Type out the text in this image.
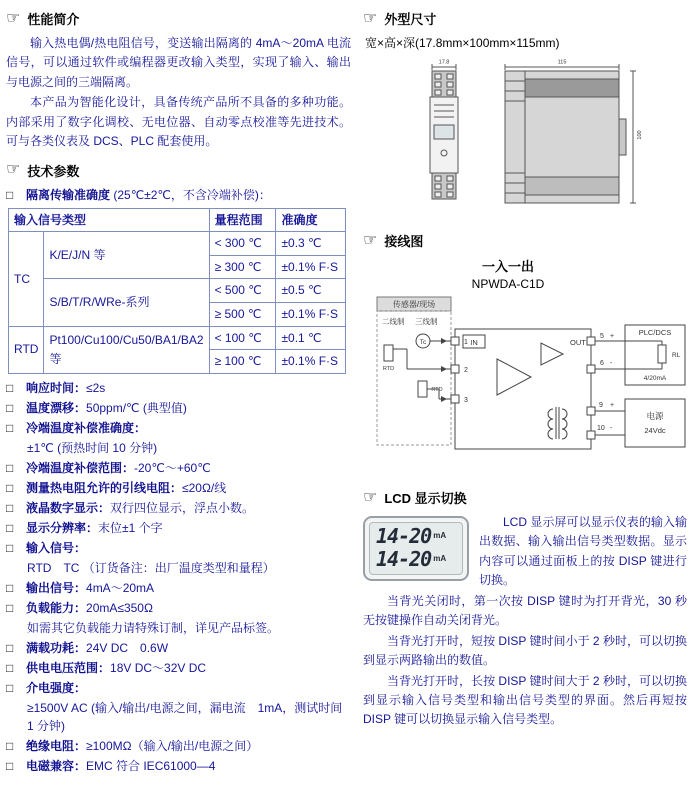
☞ 性能简介

输入热电偶/热电阻信号，变送输出隔离的 4mA～20mA 电流信号，可以通过软件或编程器更改输入类型，实现了输入、输出与电源之间的三端隔离。

本产品为智能化设计，具备传统产品所不具备的多种功能。内部采用了数字化调校、无电位器、自动零点校准等先进技术。可与各类仪表及 DCS、PLC 配套使用。

☞ 技术参数
□ 隔离传输准确度 (25℃±2℃，不含冷端补偿)：
输入信号类型		量程范围	准确度
TC	K/E/J/N 等	< 300 ℃	±0.3 ℃
		≥ 300 ℃	±0.1% F·S
	S/B/T/R/WRe-系列	< 500 ℃	±0.5 ℃
		≥ 500 ℃	±0.1% F·S
RTD	Pt100/Cu100/Cu50/BA1/BA2 等	< 100 ℃	±0.1 ℃
		≥ 100 ℃	±0.1% F·S
□ 响应时间：≤2s
□ 温度漂移：50ppm/℃ (典型值)
□ 冷端温度补偿准确度：
±1℃ (预热时间 10 分钟)
□ 冷端温度补偿范围：-20℃～+60℃
□ 测量热电阻允许的引线电阻：≤20Ω/线
□ 液晶数字显示：双行四位显示，浮点小数。
□ 显示分辨率：末位±1 个字
□ 输入信号：
RTD　TC （订货备注：出厂温度类型和量程）
□ 输出信号：4mA～20mA
□ 负载能力：20mA≤350Ω
如需其它负载能力请特殊订制，详见产品标签。
□ 满载功耗：24V DC　0.6W
□ 供电电压范围：18V DC～32V DC
□ 介电强度：
≥1500V AC (输入/输出/电源之间，漏电流　1mA，测试时间 1 分钟)
□ 绝缘电阻：≥100MΩ（输入/输出/电源之间）
□ 电磁兼容：EMC 符合 IEC61000—4
☞ 外型尺寸
宽×高×深(17.8mm×100mm×115mm)
17.8	115
100
☞ 接线图
一入一出
NPWDA-C1D
传感器/现场
二线制 三线制
RTD
Tc
RTD
1
2
3
IN	OUT
5 +
6 -
9 +
10 -
PLC/DCS
RL
4/20mA
电源
24Vdc
☞ LCD 显示切换
14-20 $^{mA}$
14-20 $^{mA}$

LCD 显示屏可以显示仪表的输入输出数据、输入输出信号类型数据。显示内容可以通过面板上的按 DISP 键进行切换。

当背光关闭时，第一次按 DISP 键时为打开背光，30 秒无按键操作自动关闭背光。

当背光打开时，短按 DISP 键时间小于 2 秒时，可以切换到显示两路输出的数值。

当背光打开时，长按 DISP 键时间大于 2 秒时，可以切换到显示输入信号类型和输出信号类型的界面。然后再短按 DISP 键可以切换显示输入信号类型。
